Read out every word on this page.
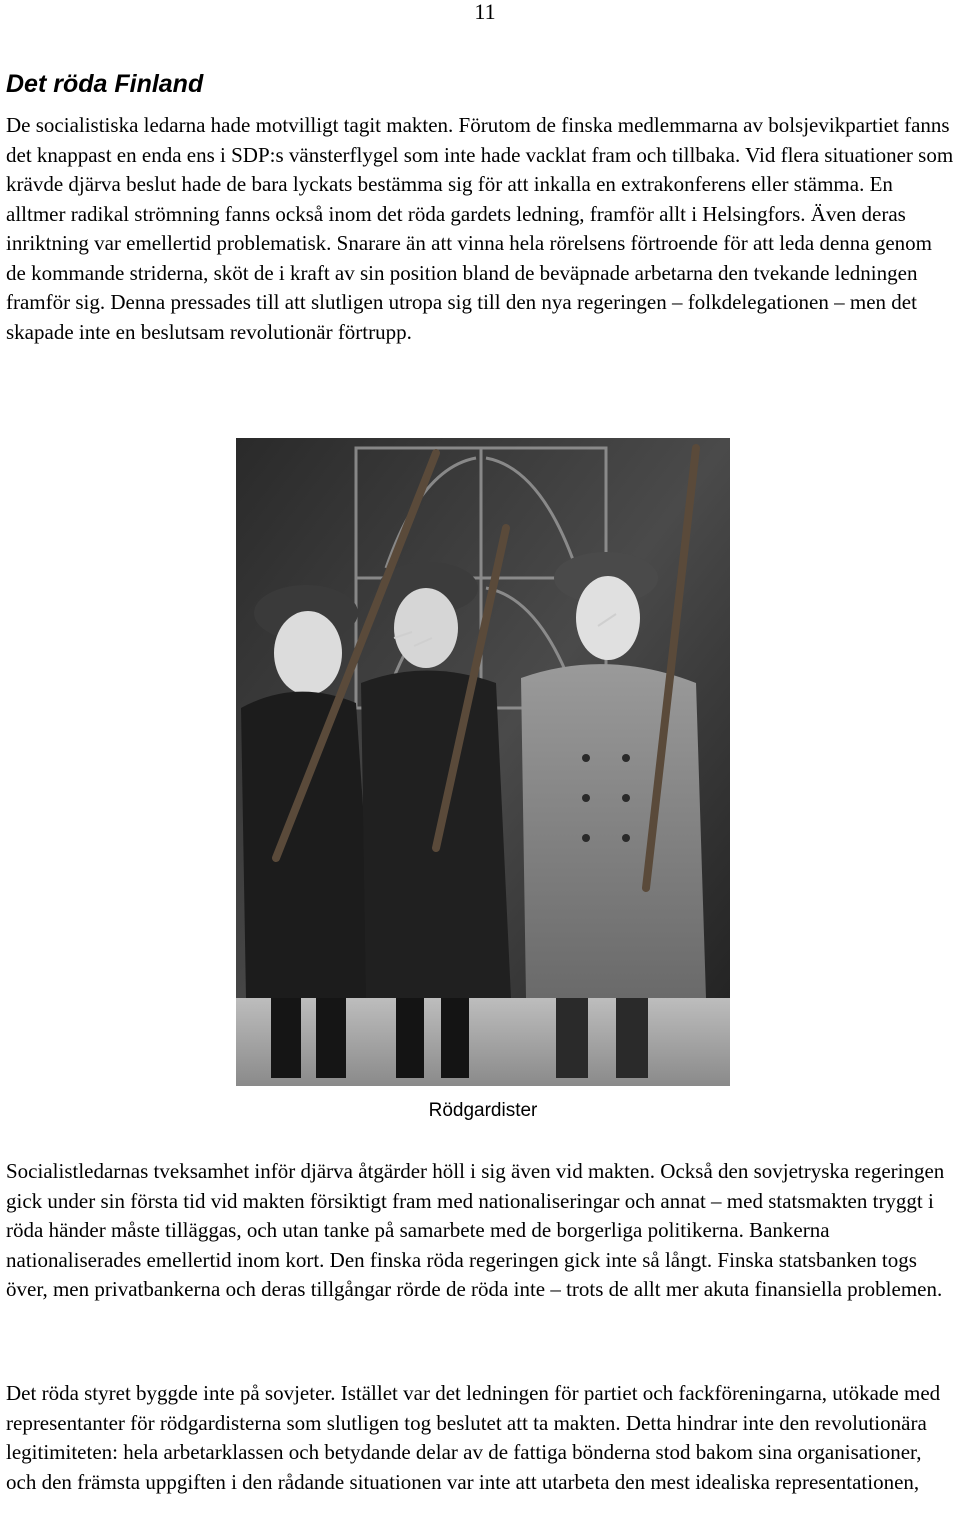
11
Det röda Finland

De socialistiska ledarna hade motvilligt tagit makten. Förutom de finska medlemmarna av bolsjevikpartiet fanns det knappast en enda ens i SDP:s vänsterflygel som inte hade vacklat fram och tillbaka. Vid flera situationer som krävde djärva beslut hade de bara lyckats bestämma sig för att inkalla en extrakonferens eller stämma. En alltmer radikal strömning fanns också inom det röda gardets ledning, framför allt i Helsingfors. Även deras inriktning var emellertid problematisk. Snarare än att vinna hela rörelsens förtroende för att leda denna genom de kommande striderna, sköt de i kraft av sin position bland de beväpnade arbetarna den tvekande ledningen framför sig. Denna pressades till att slutligen utropa sig till den nya regeringen – folkdelegationen – men det skapade inte en beslutsam revolutionär förtrupp.

Rödgardister

Socialistledarnas tveksamhet inför djärva åtgärder höll i sig även vid makten. Också den sovjetryska regeringen gick under sin första tid vid makten försiktigt fram med nationaliseringar och annat – med statsmakten tryggt i röda händer måste tilläggas, och utan tanke på samarbete med de borgerliga politikerna. Bankerna nationaliserades emellertid inom kort. Den finska röda regeringen gick inte så långt. Finska statsbanken togs över, men privatbankerna och deras tillgångar rörde de röda inte – trots de allt mer akuta finansiella problemen.

Det röda styret byggde inte på sovjeter. Istället var det ledningen för partiet och fackföreningarna, utökade med representanter för rödgardisterna som slutligen tog beslutet att ta makten. Detta hindrar inte den revolutionära legitimiteten: hela arbetarklassen och betydande delar av de fattiga bönderna stod bakom sina organisationer, och den främsta uppgiften i den rådande situationen var inte att utarbeta den mest idealiska representationen,
